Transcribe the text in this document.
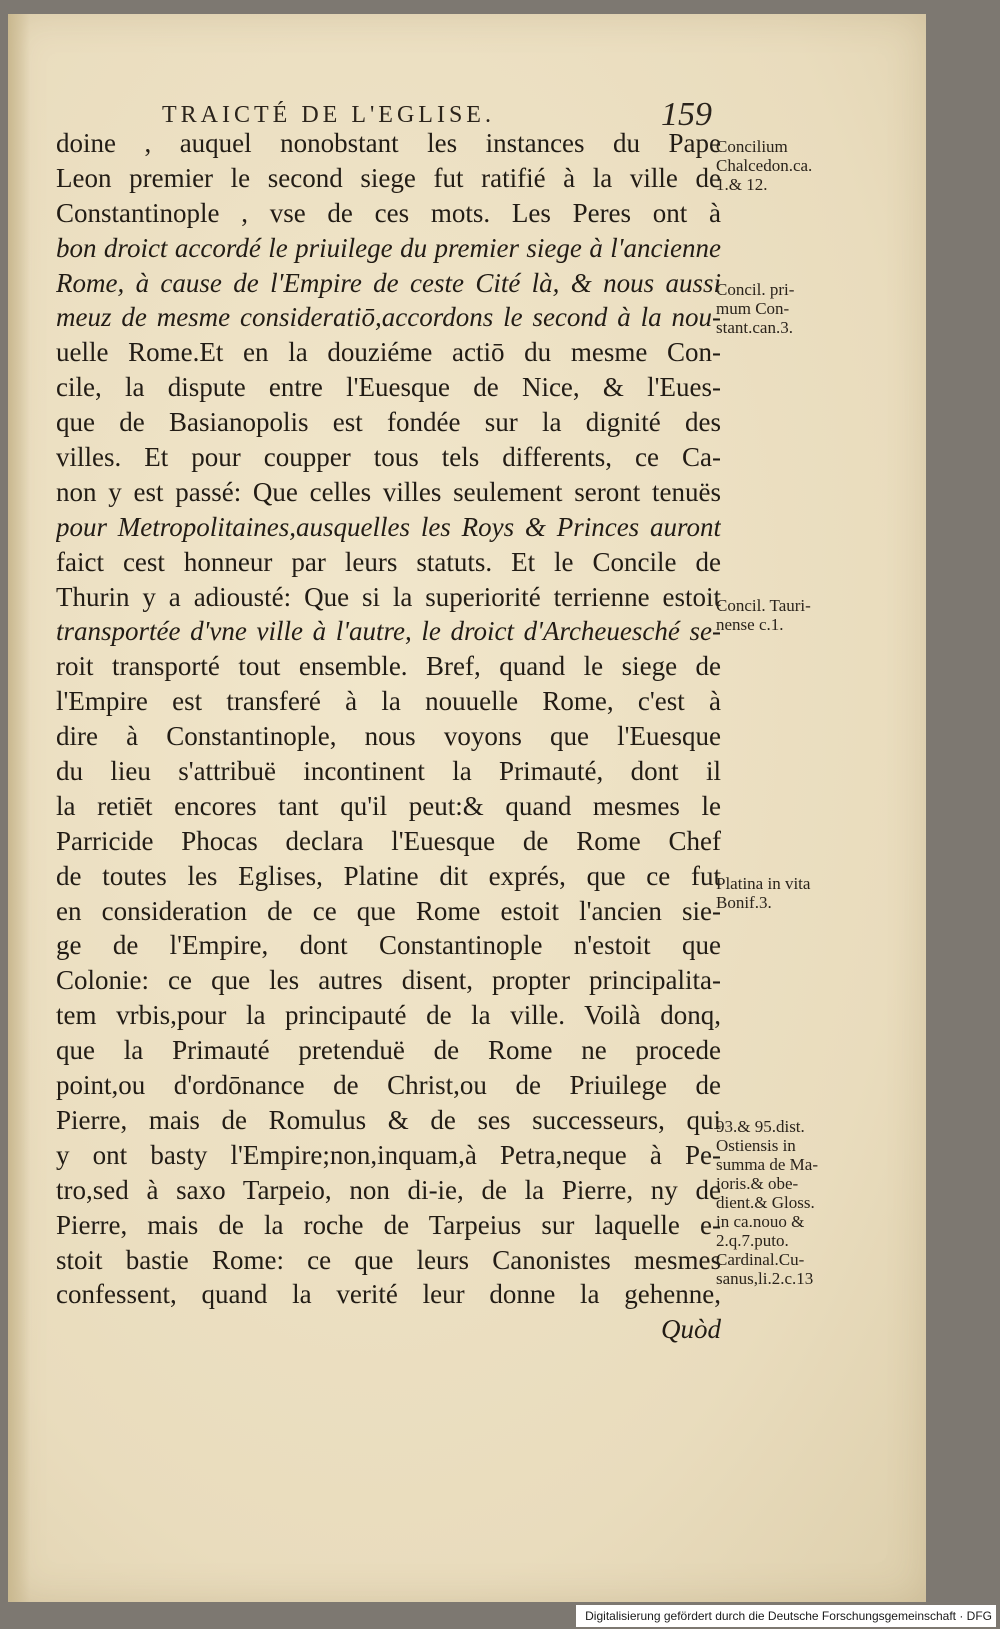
TRAICTÉ DE L'EGLISE.	159
doine , auquel nonobstant les instances du Pape
Leon premier le second siege fut ratifié à la ville de
Constantinople , vse de ces mots. Les Peres ont à
bon droict accordé le priuilege du premier siege à l'ancienne
Rome, à cause de l'Empire de ceste Cité là, & nous aussi
meuz de mesme consideratiō,accordons le second à la nou-
uelle Rome.Et en la douziéme actiō du mesme Con-
cile, la dispute entre l'Euesque de Nice, & l'Eues-
que de Basianopolis est fondée sur la dignité des
villes. Et pour coupper tous tels differents, ce Ca-
non y est passé: Que celles villes seulement seront tenuës
pour Metropolitaines,ausquelles les Roys & Princes auront
faict cest honneur par leurs statuts. Et le Concile de
Thurin y a adiousté: Que si la superiorité terrienne estoit
transportée d'vne ville à l'autre, le droict d'Archeuesché se-
roit transporté tout ensemble. Bref, quand le siege de
l'Empire est transferé à la nouuelle Rome, c'est à
dire à Constantinople, nous voyons que l'Euesque
du lieu s'attribuë incontinent la Primauté, dont il
la retiēt encores tant qu'il peut:& quand mesmes le
Parricide Phocas declara l'Euesque de Rome Chef
de toutes les Eglises, Platine dit exprés, que ce fut
en consideration de ce que Rome estoit l'ancien sie-
ge de l'Empire, dont Constantinople n'estoit que
Colonie: ce que les autres disent, propter principalita-
tem vrbis,pour la principauté de la ville. Voilà donq,
que la Primauté pretenduë de Rome ne procede
point,ou d'ordōnance de Christ,ou de Priuilege de
Pierre, mais de Romulus & de ses successeurs, qui
y ont basty l'Empire;non,inquam,à Petra,neque à Pe-
tro,sed à saxo Tarpeio, non di-ie, de la Pierre, ny de
Pierre, mais de la roche de Tarpeius sur laquelle e-
stoit bastie Rome: ce que leurs Canonistes mesmes
confessent, quand la verité leur donne la gehenne,
Quòd
Concilium
Chalcedon.ca.
1.& 12.
Concil. pri-
mum Con-
stant.can.3.
Concil. Tauri-
nense c.1.
Platina in vita
Bonif.3.
93.& 95.dist.
Ostiensis in
summa de Ma-
ioris.& obe-
dient.& Gloss.
in ca.nouo &
2.q.7.puto.
Cardinal.Cu-
sanus,li.2.c.13
Digitalisierung gefördert durch die Deutsche Forschungsgemeinschaft · DFG
